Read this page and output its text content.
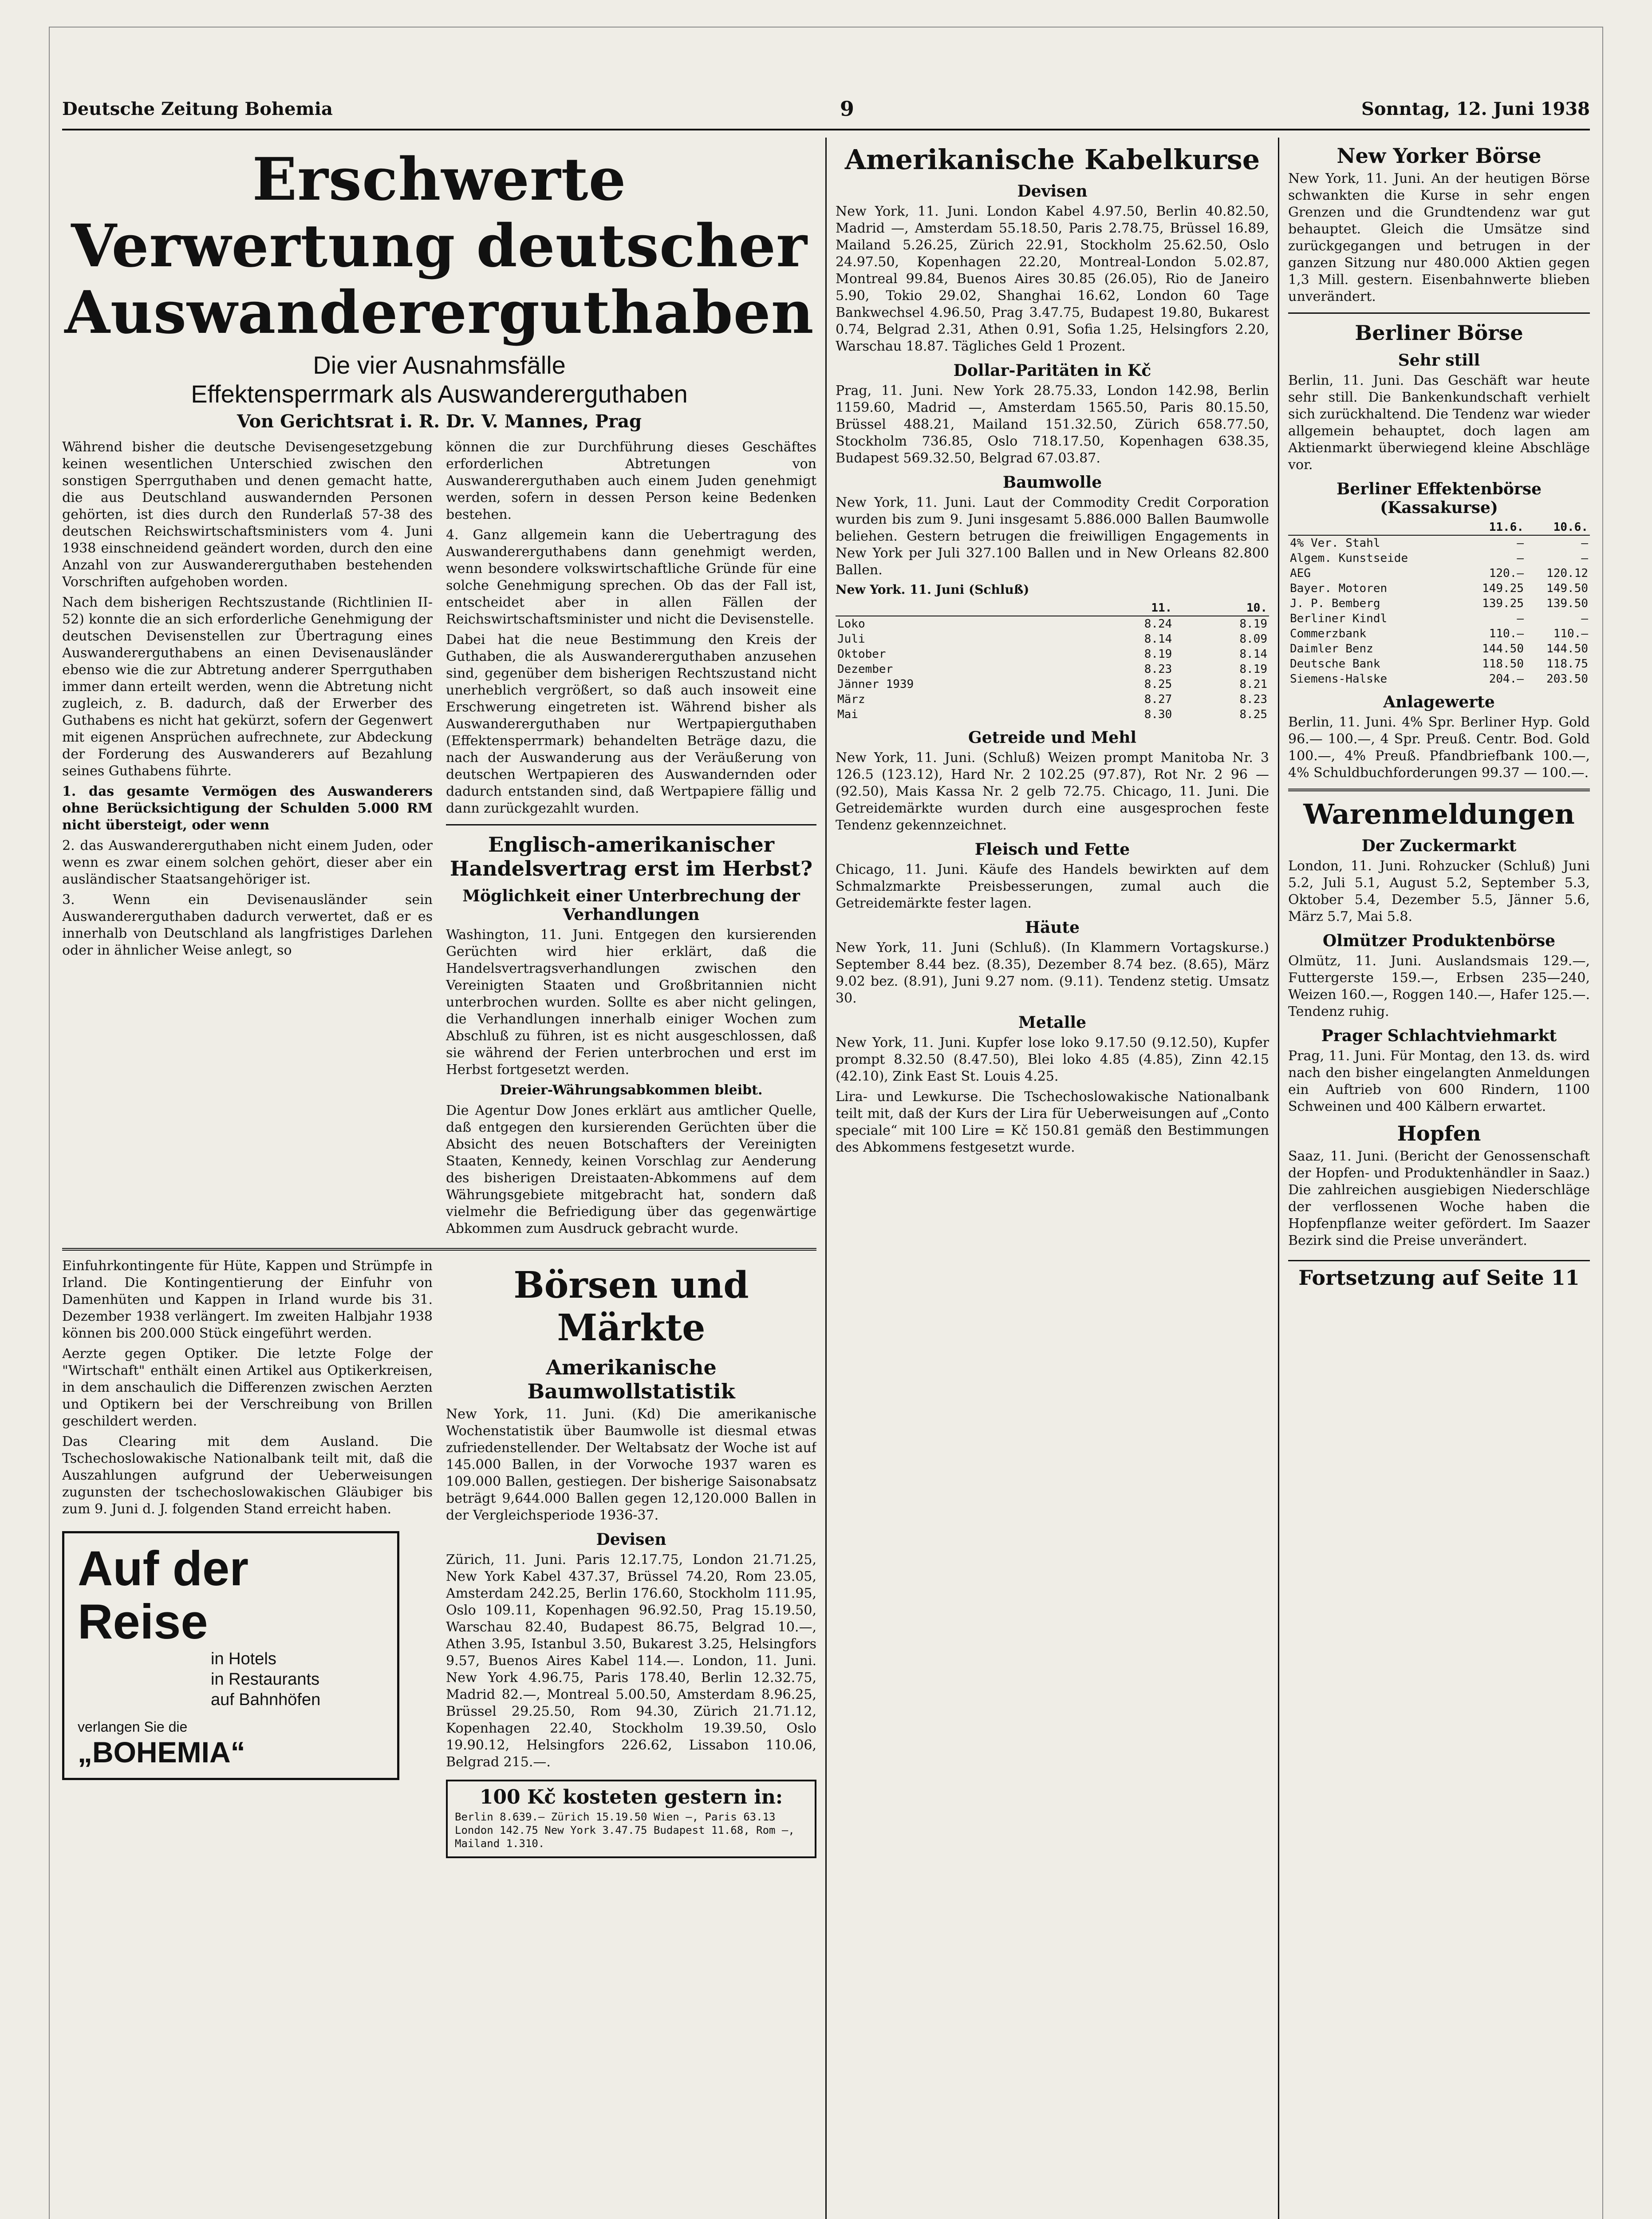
Deutsche Zeitung Bohemia	9	Sonntag, 12. Juni 1938
Erschwerte Verwertung deutscher
Auswandererguthaben
Die vier Ausnahmsfälle
Effektensperrmark als Auswandererguthaben
Von Gerichtsrat i. R. Dr. V. Mannes, Prag

Während bisher die deutsche Devisengesetzgebung keinen wesentlichen Unterschied zwischen den sonstigen Sperrguthaben und denen gemacht hatte, die aus Deutschland auswandernden Personen gehörten, ist dies durch den Runderlaß 57-38 des deutschen Reichswirtschaftsministers vom 4. Juni 1938 einschneidend geändert worden, durch den eine Anzahl von zur Auswandererguthaben bestehenden Vorschriften aufgehoben worden.

Nach dem bisherigen Rechtszustande (Richtlinien II-52) konnte die an sich erforderliche Genehmigung der deutschen Devisenstellen zur Übertragung eines Auswandererguthabens an einen Devisenausländer ebenso wie die zur Abtretung anderer Sperrguthaben immer dann erteilt werden, wenn die Abtretung nicht zugleich, z. B. dadurch, daß der Erwerber des Guthabens es nicht hat gekürzt, sofern der Gegenwert mit eigenen Ansprüchen aufrechnete, zur Abdeckung der Forderung des Auswanderers auf Bezahlung seines Guthabens führte.

1. das gesamte Vermögen des Auswanderers ohne Berücksichtigung der Schulden 5.000 RM nicht übersteigt, oder wenn

2. das Auswandererguthaben nicht einem Juden, oder wenn es zwar einem solchen gehört, dieser aber ein ausländischer Staatsangehöriger ist.

3. Wenn ein Devisenausländer sein Auswandererguthaben dadurch verwertet, daß er es innerhalb von Deutschland als langfristiges Darlehen oder in ähnlicher Weise anlegt, so

können die zur Durchführung dieses Geschäftes erforderlichen Abtretungen von Auswandererguthaben auch einem Juden genehmigt werden, sofern in dessen Person keine Bedenken bestehen.

4. Ganz allgemein kann die Uebertragung des Auswandererguthabens dann genehmigt werden, wenn besondere volkswirtschaftliche Gründe für eine solche Genehmigung sprechen. Ob das der Fall ist, entscheidet aber in allen Fällen der Reichswirtschaftsminister und nicht die Devisenstelle.

Dabei hat die neue Bestimmung den Kreis der Guthaben, die als Auswandererguthaben anzusehen sind, gegenüber dem bisherigen Rechtszustand nicht unerheblich vergrößert, so daß auch insoweit eine Erschwerung eingetreten ist. Während bisher als Auswandererguthaben nur Wertpapierguthaben (Effektensperrmark) behandelten Beträge dazu, die nach der Auswanderung aus der Veräußerung von deutschen Wertpapieren des Auswandernden oder dadurch entstanden sind, daß Wertpapiere fällig und dann zurückgezahlt wurden.

Englisch-amerikanischer Handelsvertrag erst im Herbst?
Möglichkeit einer Unterbrechung der Verhandlungen

Washington, 11. Juni. Entgegen den kursierenden Gerüchten wird hier erklärt, daß die Handelsvertragsverhandlungen zwischen den Vereinigten Staaten und Großbritannien nicht unterbrochen wurden. Sollte es aber nicht gelingen, die Verhandlungen innerhalb einiger Wochen zum Abschluß zu führen, ist es nicht ausgeschlossen, daß sie während der Ferien unterbrochen und erst im Herbst fortgesetzt werden.

Dreier-Währungsabkommen bleibt.

Die Agentur Dow Jones erklärt aus amtlicher Quelle, daß entgegen den kursierenden Gerüchten über die Absicht des neuen Botschafters der Vereinigten Staaten, Kennedy, keinen Vorschlag zur Aenderung des bisherigen Dreistaaten-Abkommens auf dem Währungsgebiete mitgebracht hat, sondern daß vielmehr die Befriedigung über das gegenwärtige Abkommen zum Ausdruck gebracht wurde.

Einfuhrkontingente für Hüte, Kappen und Strümpfe in Irland. Die Kontingentierung der Einfuhr von Damenhüten und Kappen in Irland wurde bis 31. Dezember 1938 verlängert. Im zweiten Halbjahr 1938 können bis 200.000 Stück eingeführt werden.

Aerzte gegen Optiker. Die letzte Folge der "Wirtschaft" enthält einen Artikel aus Optikerkreisen, in dem anschaulich die Differenzen zwischen Aerzten und Optikern bei der Verschreibung von Brillen geschildert werden.

Das Clearing mit dem Ausland. Die Tschechoslowakische Nationalbank teilt mit, daß die Auszahlungen aufgrund der Ueberweisungen zugunsten der tschechoslowakischen Gläubiger bis zum 9. Juni d. J. folgenden Stand erreicht haben.

Auf der Reise
in Hotels
in Restaurants
auf Bahnhöfen
verlangen Sie die
„BOHEMIA“
Börsen und Märkte
Amerikanische Baumwollstatistik

New York, 11. Juni. (Kd) Die amerikanische Wochenstatistik über Baumwolle ist diesmal etwas zufriedenstellender. Der Weltabsatz der Woche ist auf 145.000 Ballen, in der Vorwoche 1937 waren es 109.000 Ballen, gestiegen. Der bisherige Saisonabsatz beträgt 9,644.000 Ballen gegen 12,120.000 Ballen in der Vergleichsperiode 1936-37.

Devisen

Zürich, 11. Juni. Paris 12.17.75, London 21.71.25, New York Kabel 437.37, Brüssel 74.20, Rom 23.05, Amsterdam 242.25, Berlin 176.60, Stockholm 111.95, Oslo 109.11, Kopenhagen 96.92.50, Prag 15.19.50, Warschau 82.40, Budapest 86.75, Belgrad 10.—, Athen 3.95, Istanbul 3.50, Bukarest 3.25, Helsingfors 9.57, Buenos Aires Kabel 114.—. London, 11. Juni. New York 4.96.75, Paris 178.40, Berlin 12.32.75, Madrid 82.—, Montreal 5.00.50, Amsterdam 8.96.25, Brüssel 29.25.50, Rom 94.30, Zürich 21.71.12, Kopenhagen 22.40, Stockholm 19.39.50, Oslo 19.90.12, Helsingfors 226.62, Lissabon 110.06, Belgrad 215.—.

100 Kč kosteten gestern in:

Berlin 8.639.— Zürich 15.19.50 Wien —, Paris 63.13 London 142.75 New York 3.47.75 Budapest 11.68, Rom —, Mailand 1.310.

Amerikanische Kabelkurse
Devisen

New York, 11. Juni. London Kabel 4.97.50, Berlin 40.82.50, Madrid —, Amsterdam 55.18.50, Paris 2.78.75, Brüssel 16.89, Mailand 5.26.25, Zürich 22.91, Stockholm 25.62.50, Oslo 24.97.50, Kopenhagen 22.20, Montreal-London 5.02.87, Montreal 99.84, Buenos Aires 30.85 (26.05), Rio de Janeiro 5.90, Tokio 29.02, Shanghai 16.62, London 60 Tage Bankwechsel 4.96.50, Prag 3.47.75, Budapest 19.80, Bukarest 0.74, Belgrad 2.31, Athen 0.91, Sofia 1.25, Helsingfors 2.20, Warschau 18.87. Tägliches Geld 1 Prozent.

Dollar-Paritäten in Kč

Prag, 11. Juni. New York 28.75.33, London 142.98, Berlin 1159.60, Madrid —, Amsterdam 1565.50, Paris 80.15.50, Brüssel 488.21, Mailand 151.32.50, Zürich 658.77.50, Stockholm 736.85, Oslo 718.17.50, Kopenhagen 638.35, Budapest 569.32.50, Belgrad 67.03.87.

Baumwolle

New York, 11. Juni. Laut der Commodity Credit Corporation wurden bis zum 9. Juni insgesamt 5.886.000 Ballen Baumwolle beliehen. Gestern betrugen die freiwilligen Engagements in New York per Juli 327.100 Ballen und in New Orleans 82.800 Ballen.

New York. 11. Juni (Schluß)
	11.	10.
Loko	8.24	8.19
Juli	8.14	8.09
Oktober	8.19	8.14
Dezember	8.23	8.19
Jänner 1939	8.25	8.21
März	8.27	8.23
Mai	8.30	8.25
Getreide und Mehl

New York, 11. Juni. (Schluß) Weizen prompt Manitoba Nr. 3 126.5 (123.12), Hard Nr. 2 102.25 (97.87), Rot Nr. 2 96 — (92.50), Mais Kassa Nr. 2 gelb 72.75. Chicago, 11. Juni. Die Getreidemärkte wurden durch eine ausgesprochen feste Tendenz gekennzeichnet.

Fleisch und Fette

Chicago, 11. Juni. Käufe des Handels bewirkten auf dem Schmalzmarkte Preisbesserungen, zumal auch die Getreidemärkte fester lagen.

Häute

New York, 11. Juni (Schluß). (In Klammern Vortagskurse.) September 8.44 bez. (8.35), Dezember 8.74 bez. (8.65), März 9.02 bez. (8.91), Juni 9.27 nom. (9.11). Tendenz stetig. Umsatz 30.

Metalle

New York, 11. Juni. Kupfer lose loko 9.17.50 (9.12.50), Kupfer prompt 8.32.50 (8.47.50), Blei loko 4.85 (4.85), Zinn 42.15 (42.10), Zink East St. Louis 4.25.

Lira- und Lewkurse. Die Tschechoslowakische Nationalbank teilt mit, daß der Kurs der Lira für Ueberweisungen auf „Conto speciale“ mit 100 Lire = Kč 150.81 gemäß den Bestimmungen des Abkommens festgesetzt wurde.

New Yorker Börse

New York, 11. Juni. An der heutigen Börse schwankten die Kurse in sehr engen Grenzen und die Grundtendenz war gut behauptet. Gleich die Umsätze sind zurückgegangen und betrugen in der ganzen Sitzung nur 480.000 Aktien gegen 1,3 Mill. gestern. Eisenbahnwerte blieben unverändert.

Berliner Börse
Sehr still

Berlin, 11. Juni. Das Geschäft war heute sehr still. Die Bankenkundschaft verhielt sich zurückhaltend. Die Tendenz war wieder allgemein behauptet, doch lagen am Aktienmarkt überwiegend kleine Abschläge vor.

Berliner Effektenbörse (Kassakurse)
	11.6.	10.6.
4% Ver. Stahl	—	—
Algem. Kunstseide	—	—
AEG	120.—	120.12
Bayer. Motoren	149.25	149.50
J. P. Bemberg	139.25	139.50
Berliner Kindl	—	—
Commerzbank	110.—	110.—
Daimler Benz	144.50	144.50
Deutsche Bank	118.50	118.75
Siemens-Halske	204.—	203.50
Anlagewerte

Berlin, 11. Juni. 4% Spr. Berliner Hyp. Gold 96.— 100.—, 4 Spr. Preuß. Centr. Bod. Gold 100.—, 4% Preuß. Pfandbriefbank 100.—, 4% Schuldbuchforderungen 99.37 — 100.—.

Warenmeldungen
Der Zuckermarkt

London, 11. Juni. Rohzucker (Schluß) Juni 5.2, Juli 5.1, August 5.2, September 5.3, Oktober 5.4, Dezember 5.5, Jänner 5.6, März 5.7, Mai 5.8.

Olmützer Produktenbörse

Olmütz, 11. Juni. Auslandsmais 129.—, Futtergerste 159.—, Erbsen 235—240, Weizen 160.—, Roggen 140.—, Hafer 125.—. Tendenz ruhig.

Prager Schlachtviehmarkt

Prag, 11. Juni. Für Montag, den 13. ds. wird nach den bisher eingelangten Anmeldungen ein Auftrieb von 600 Rindern, 1100 Schweinen und 400 Kälbern erwartet.

Hopfen

Saaz, 11. Juni. (Bericht der Genossenschaft der Hopfen- und Produktenhändler in Saaz.) Die zahlreichen ausgiebigen Niederschläge der verflossenen Woche haben die Hopfenpflanze weiter gefördert. Im Saazer Bezirk sind die Preise unverändert.

Fortsetzung auf Seite 11
